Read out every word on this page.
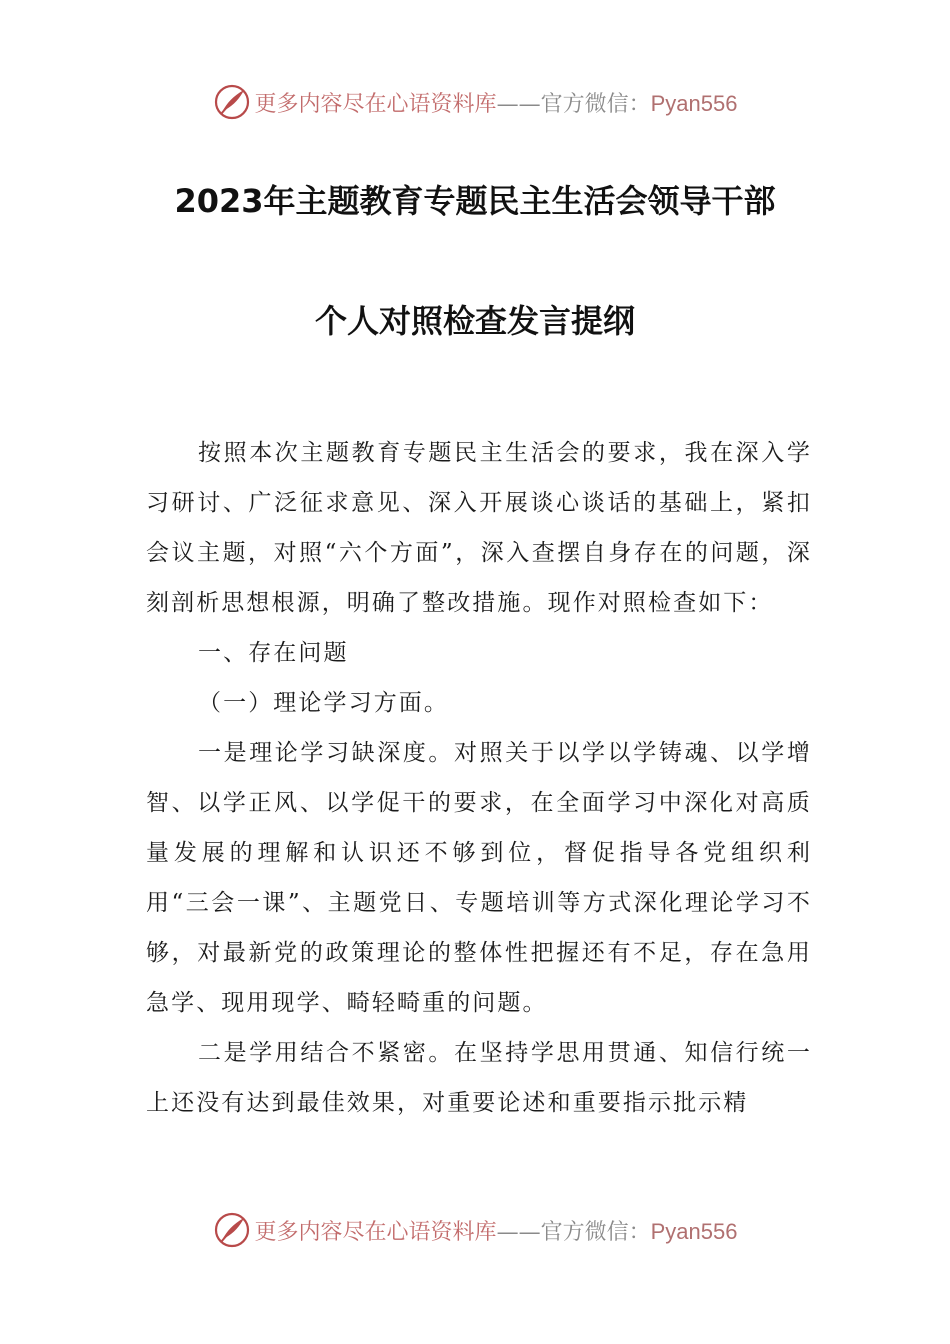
更多内容尽在心语资料库——官方微信：Pyan556
2023年主题教育专题民主生活会领导干部
个人对照检查发言提纲

按照本次主题教育专题民主生活会的要求，我在深入学习研讨、广泛征求意见、深入开展谈心谈话的基础上，紧扣会议主题，对照“六个方面”，深入查摆自身存在的问题，深刻剖析思想根源，明确了整改措施。现作对照检查如下：

一、存在问题

（一）理论学习方面。

一是理论学习缺深度。对照关于以学以学铸魂、以学增智、以学正风、以学促干的要求，在全面学习中深化对高质量发展的理解和认识还不够到位，督促指导各党组织利用“三会一课”、主题党日、专题培训等方式深化理论学习不够，对最新党的政策理论的整体性把握还有不足，存在急用急学、现用现学、畸轻畸重的问题。

二是学用结合不紧密。在坚持学思用贯通、知信行统一上还没有达到最佳效果，对重要论述和重要指示批示精

更多内容尽在心语资料库——官方微信：Pyan556
